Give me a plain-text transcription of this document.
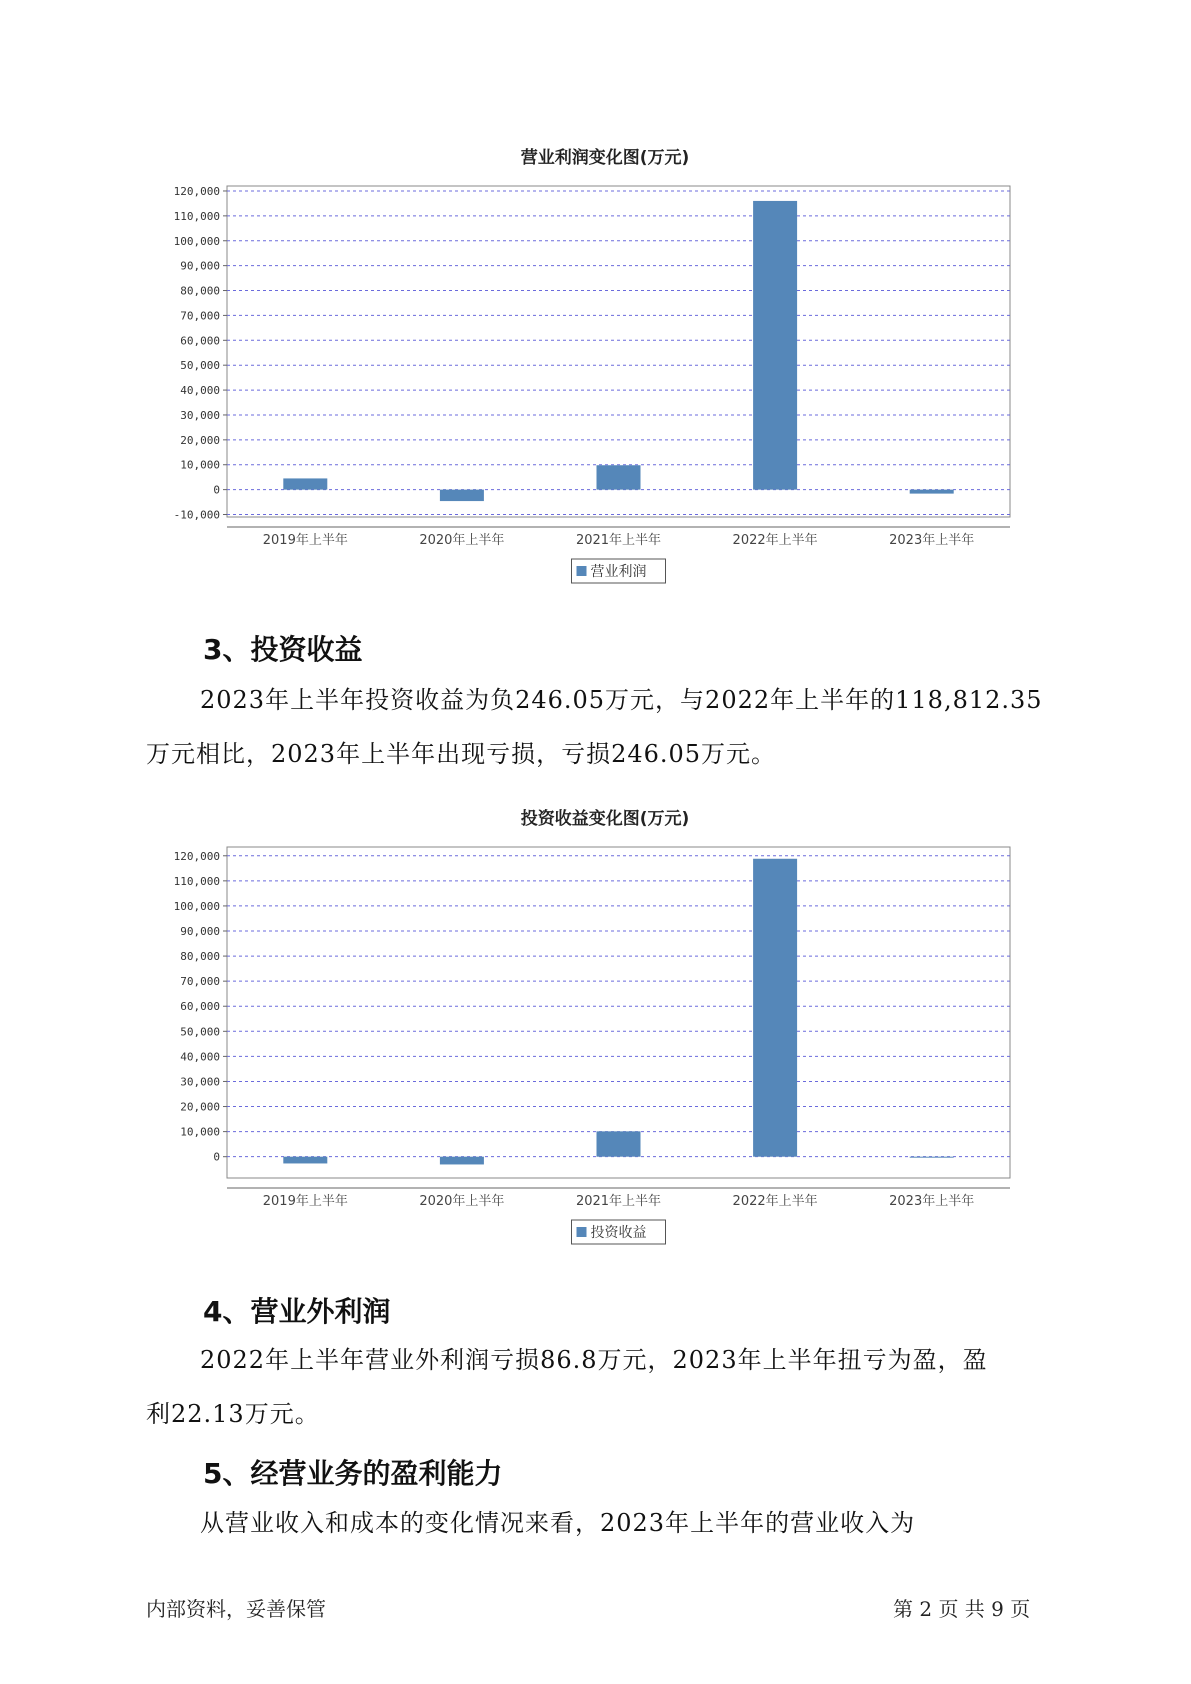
营业利润变化图(万元)
-10,000
0
10,000
20,000
30,000
40,000
50,000
60,000
70,000
80,000
90,000
100,000
110,000
120,000
2019年上半年	2020年上半年	2021年上半年	2022年上半年	2023年上半年
营业利润
3、投资收益

2023年上半年投资收益为负246.05万元，与2022年上半年的118,812.35

万元相比，2023年上半年出现亏损，亏损246.05万元。

投资收益变化图(万元)
0
10,000
20,000
30,000
40,000
50,000
60,000
70,000
80,000
90,000
100,000
110,000
120,000
2019年上半年	2020年上半年	2021年上半年	2022年上半年	2023年上半年
投资收益
4、营业外利润

2022年上半年营业外利润亏损86.8万元，2023年上半年扭亏为盈，盈

利22.13万元。

5、经营业务的盈利能力

从营业收入和成本的变化情况来看，2023年上半年的营业收入为

内部资料，妥善保管	第 2 页 共 9 页
